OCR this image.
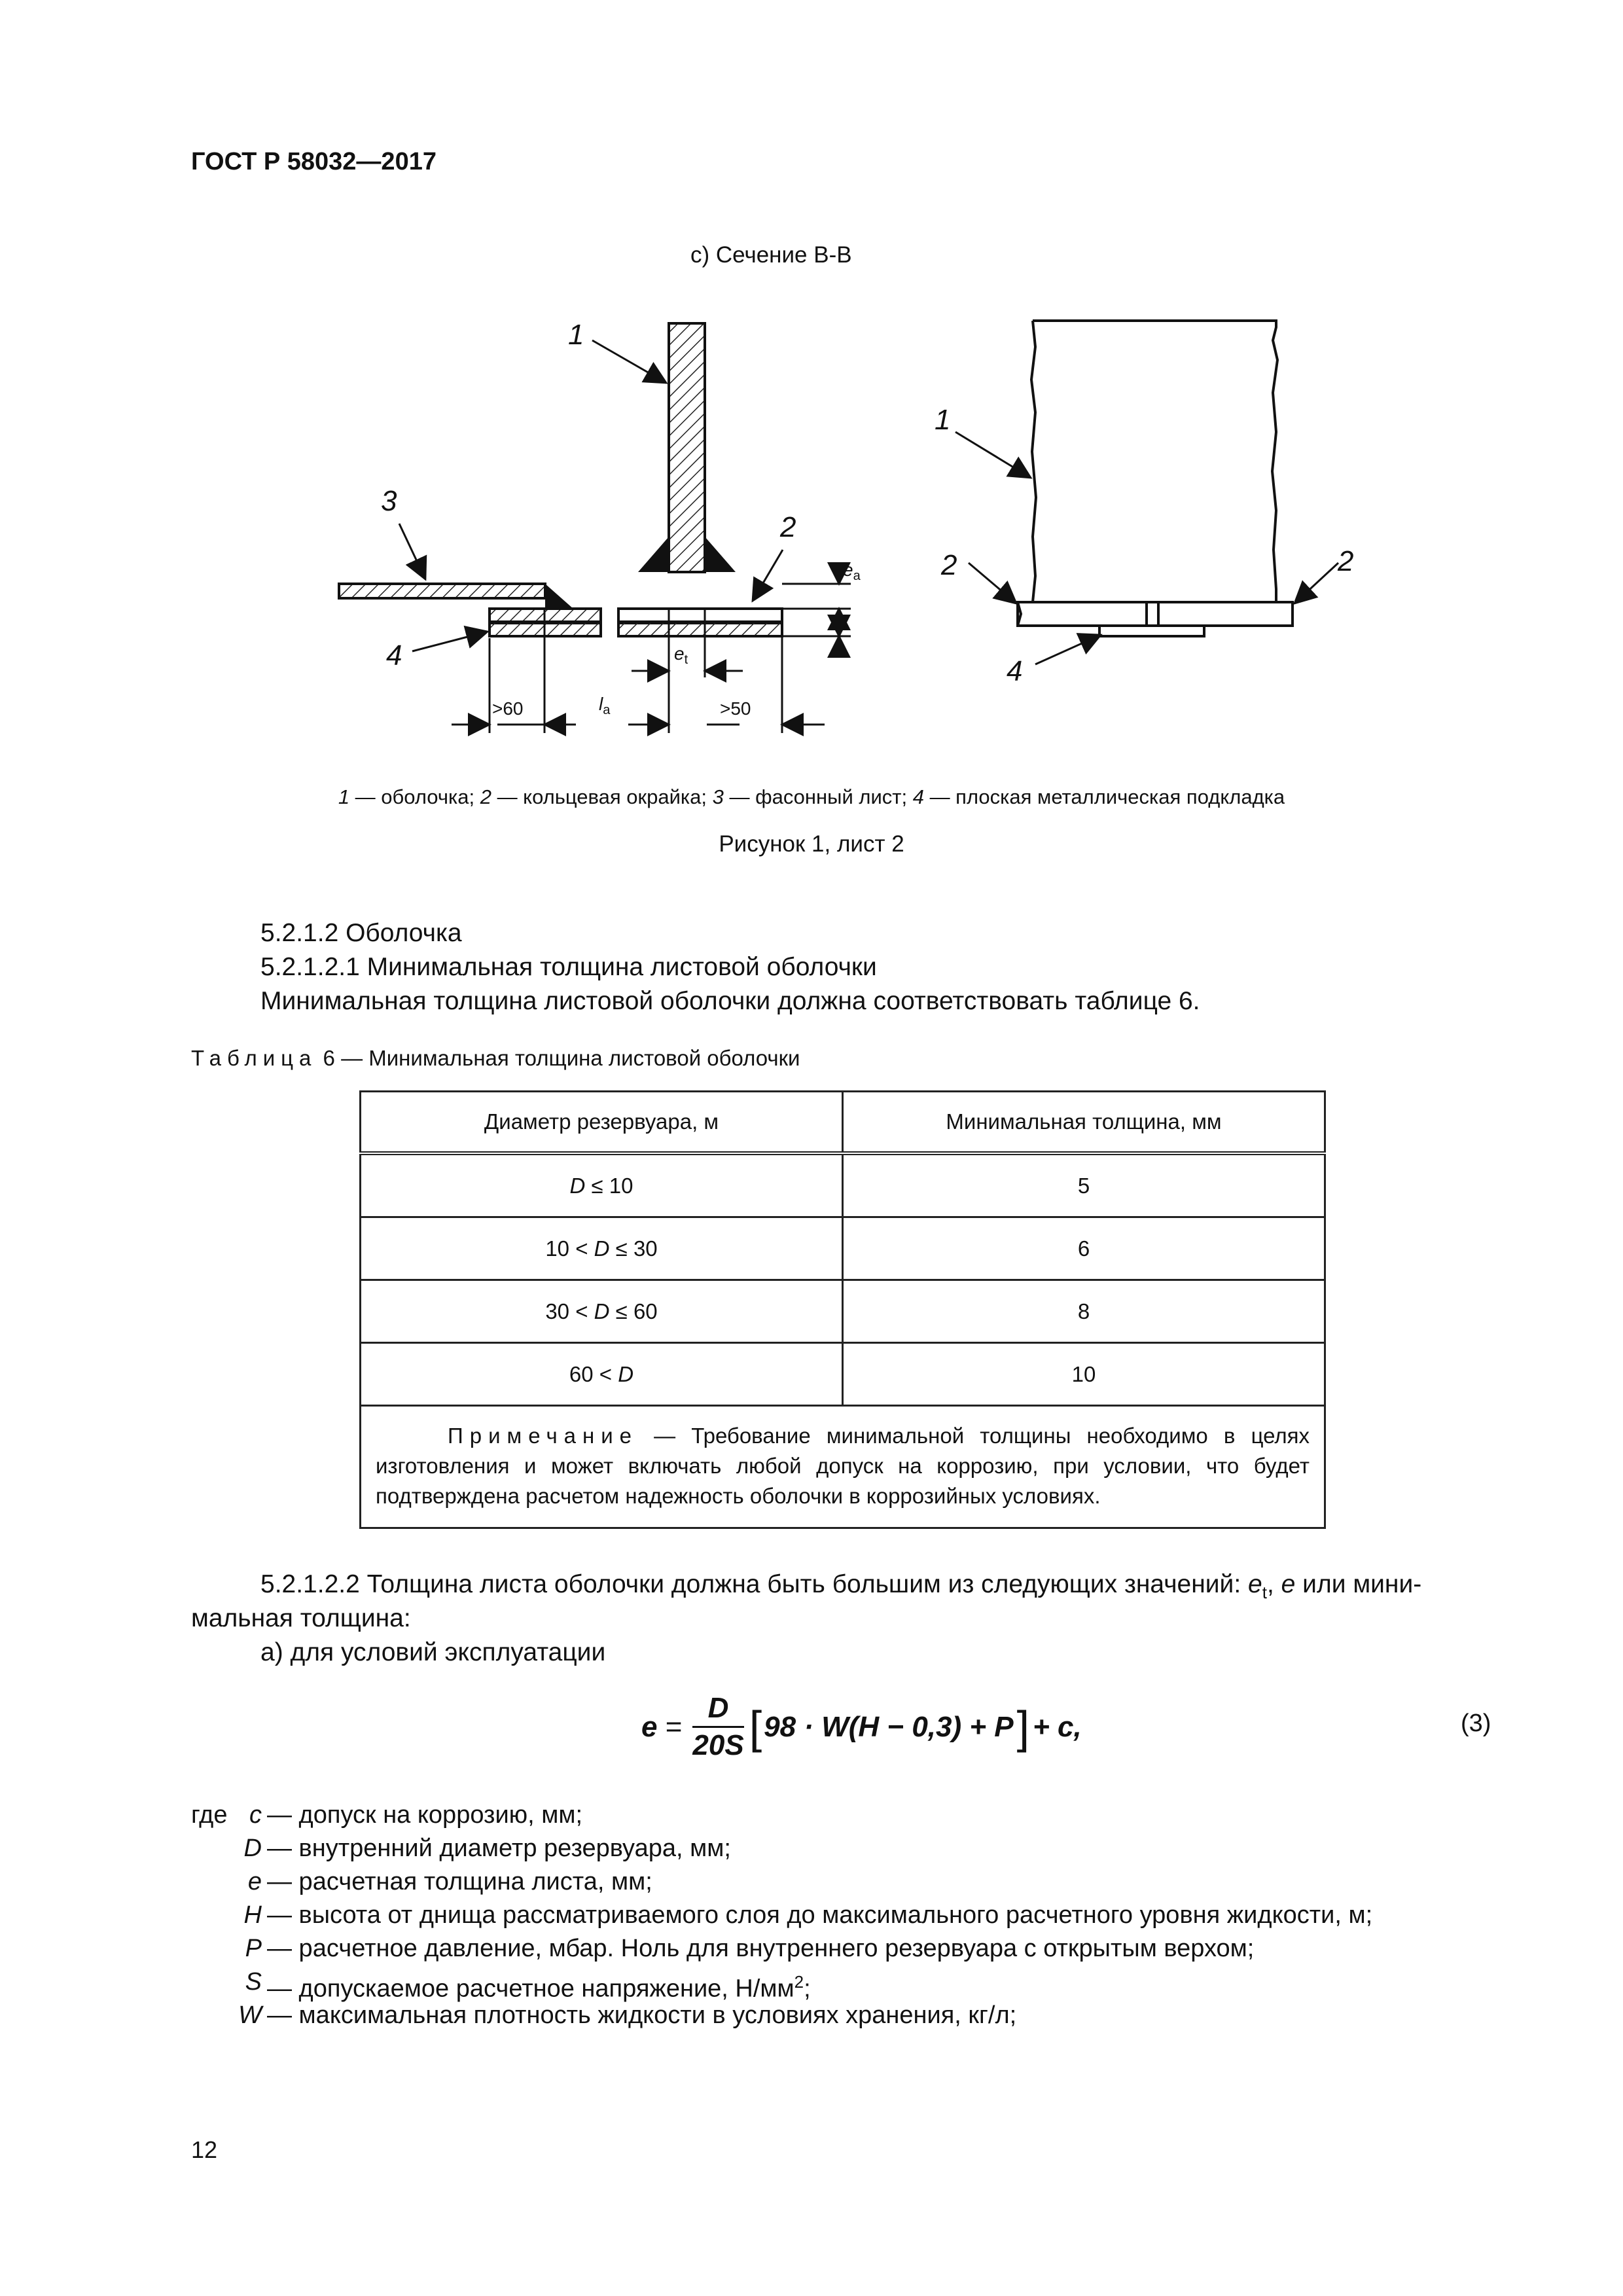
ГОСТ Р 58032—2017
с) Сечение В-В
1
3
2
4
$e_a$
$e_t$
>60	$l_a$	>50
1
2	2
4
1 — оболочка; 2 — кольцевая окрайка; 3 — фасонный лист; 4 — плоская металлическая подкладка
Рисунок 1, лист 2
5.2.1.2 Оболочка
5.2.1.2.1 Минимальная толщина листовой оболочки
Минимальная толщина листовой оболочки должна соответствовать таблице 6.
Таблица 6 — Минимальная толщина листовой оболочки
Диаметр резервуара, м	Минимальная толщина, мм
D ≤ 10	5
10 < D ≤ 30	6
30 < D ≤ 60	8
60 < D	10
Примечание — Требование минимальной толщины необходимо в целях изготовления и может включать любой допуск на коррозию, при условии, что будет подтверждена расчетом надежность оболочки в коррозийных условиях.	
5.2.1.2.2 Толщина листа оболочки должна быть большим из следующих значений: $e_t$, e или мини-
мальная толщина:
а) для условий эксплуатации
e =	
D
20S	[	98 · W(H − 0,3) + P	]	+ c,	(3)
где c — допуск на коррозию, мм;
D — внутренний диаметр резервуара, мм;
e — расчетная толщина листа, мм;
H — высота от днища рассматриваемого слоя до максимального расчетного уровня жидкости, м;
P — расчетное давление, мбар. Ноль для внутреннего резервуара с открытым верхом;
S — допускаемое расчетное напряжение, $Н/мм^2$;
W — максимальная плотность жидкости в условиях хранения, кг/л;
12
